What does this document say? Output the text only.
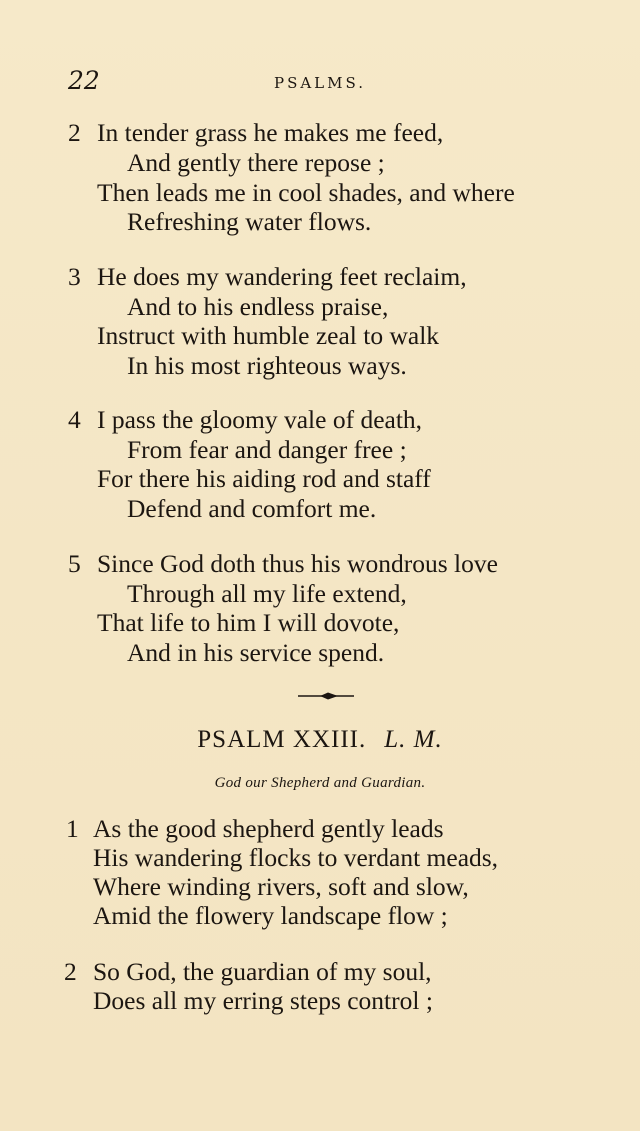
22	PSALMS.
2 In tender grass he makes me feed,
And gently there repose ;
Then leads me in cool shades, and where
Refreshing water flows.
3 He does my wandering feet reclaim,
And to his endless praise,
Instruct with humble zeal to walk
In his most righteous ways.
4 I pass the gloomy vale of death,
From fear and danger free ;
For there his aiding rod and staff
Defend and comfort me.
5 Since God doth thus his wondrous love
Through all my life extend,
That life to him I will dovote,
And in his service spend.
PSALM XXIII. L. M.
God our Shepherd and Guardian.
1 As the good shepherd gently leads
His wandering flocks to verdant meads,
Where winding rivers, soft and slow,
Amid the flowery landscape flow ;
2 So God, the guardian of my soul,
Does all my erring steps control ;
